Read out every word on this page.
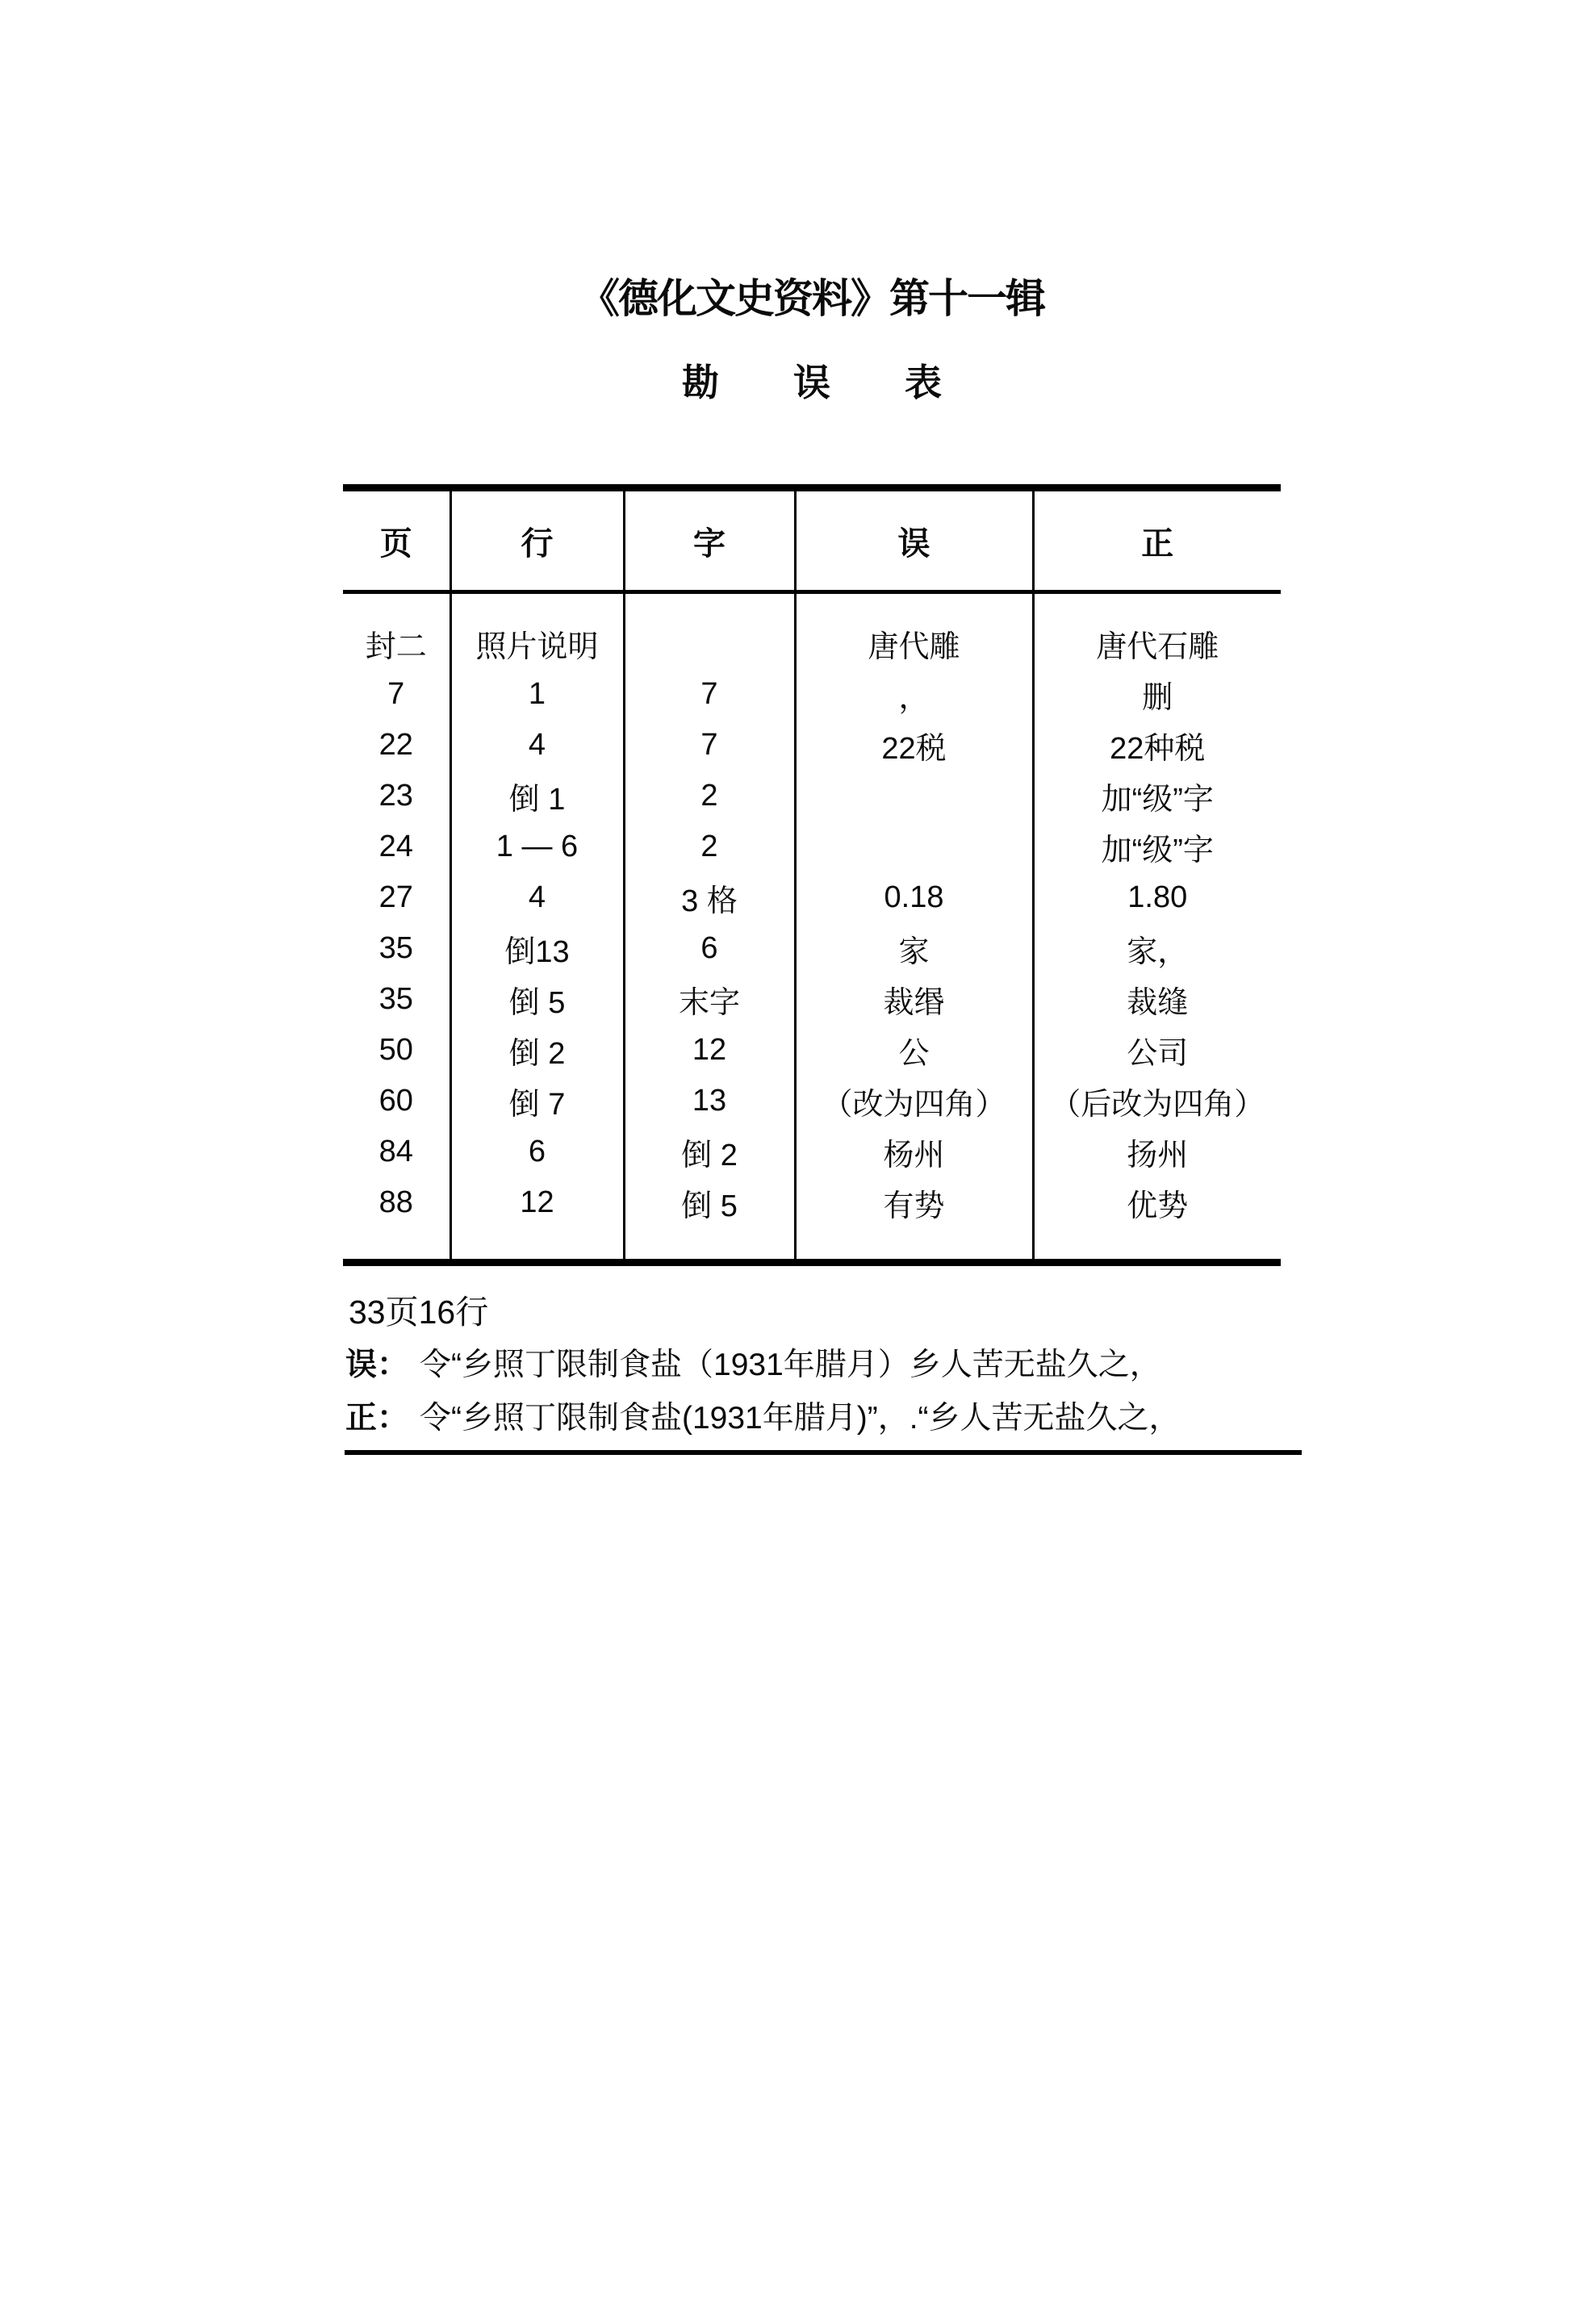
《德化文史资料》第十一辑
勘　　误　　表
页	行	字	误	正
封二	照片说明		唐代雕	唐代石雕
7	1	7	，	删
22	4	7	22税	22种税
23	倒 1	2		加“级”字
24	1 — 6	2		加“级”字
27	4	3 格	0.18	1.80
35	倒13	6	家	家，
35	倒 5	末字	裁缗	裁缝
50	倒 2	12	公	公司
60	倒 7	13	（改为四角）	（后改为四角）
84	6	倒 2	杨州	扬州
88	12	倒 5	有势	优势
33页16行
误： 令“乡照丁限制食盐（1931年腊月）乡人苦无盐久之，
正： 令“乡照丁限制食盐(1931年腊月)”，.“乡人苦无盐久之，
